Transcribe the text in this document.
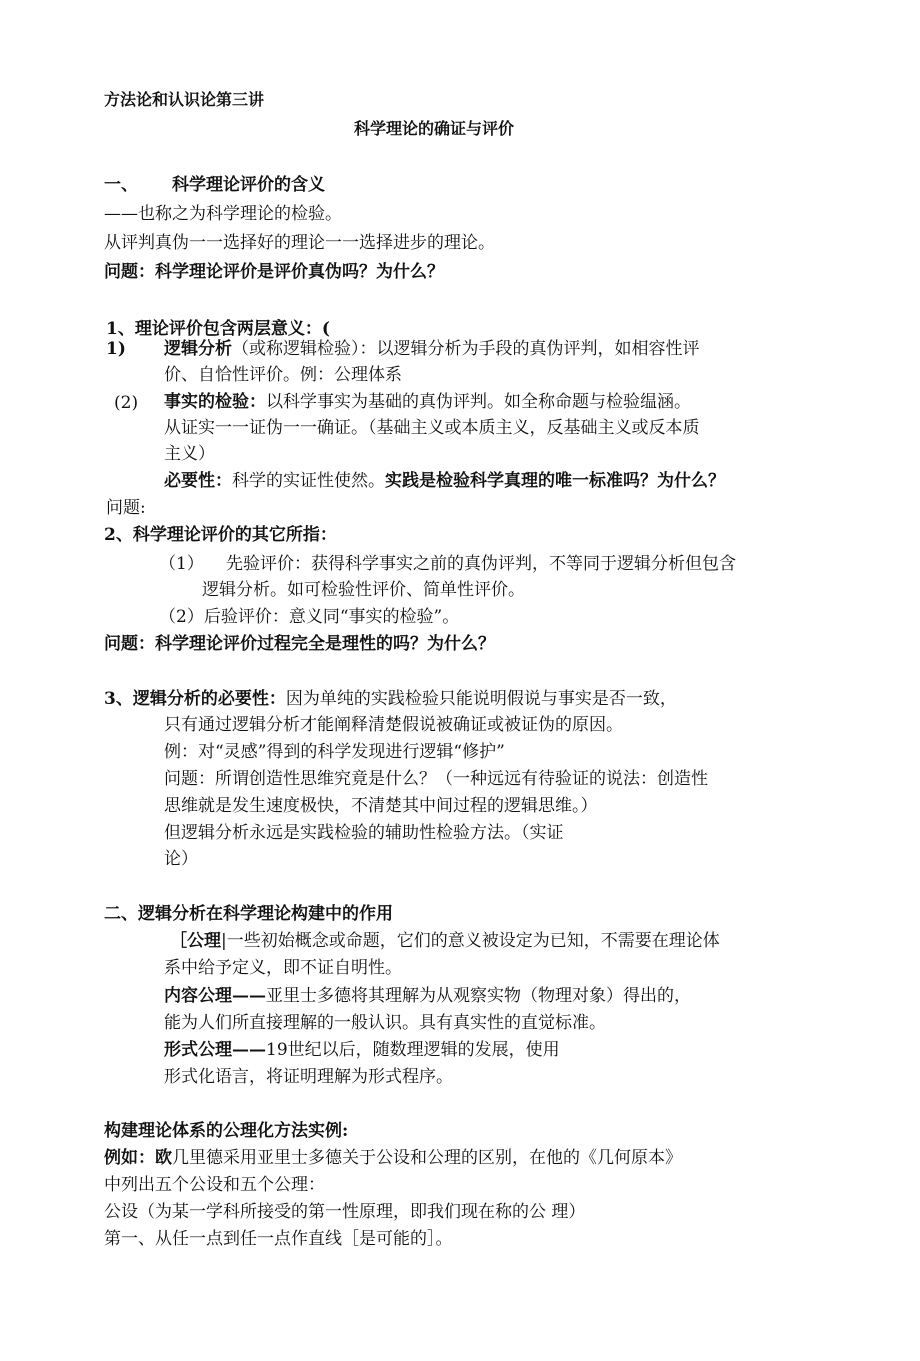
方法论和认识论第三讲
科学理论的确证与评价
一、 科学理论评价的含义
——也称之为科学理论的检验。
从评判真伪一一选择好的理论一一选择进步的理论。
问题：科学理论评价是评价真伪吗？为什么？
1、理论评价包含两层意义：(
1) 逻辑分析（或称逻辑检验）：以逻辑分析为手段的真伪评判，如相容性评
价、自恰性评价。例：公理体系
(2) 事实的检验：以科学事实为基础的真伪评判。如全称命题与检验缊涵。
从证实一一证伪一一确证。（基础主义或本质主义，反基础主义或反本质
主义）
必要性：科学的实证性使然。实践是检验科学真理的唯一标准吗？为什么？
问题:
2、科学理论评价的其它所指：
（1） 先验评价：获得科学事实之前的真伪评判，不等同于逻辑分析但包含
逻辑分析。如可检验性评价、简单性评价。
（2）后验评价：意义同“事实的检验”。
问题：科学理论评价过程完全是理性的吗？为什么？
3、逻辑分析的必要性：因为单纯的实践检验只能说明假说与事实是否一致，
只有通过逻辑分析才能阐释清楚假说被确证或被证伪的原因。
例：对“灵感”得到的科学发现进行逻辑“修护”
问题：所谓创造性思维究竟是什么？（一种远远有待验证的说法：创造性
思维就是发生速度极快，不清楚其中间过程的逻辑思维。）
但逻辑分析永远是实践检验的辅助性检验方法。（实证
论）
二、逻辑分析在科学理论构建中的作用
［公理|一些初始概念或命题，它们的意义被设定为已知，不需要在理论体
系中给予定义，即不证自明性。
内容公理——亚里士多德将其理解为从观察实物（物理对象）得出的，
能为人们所直接理解的一般认识。具有真实性的直觉标准。
形式公理——19世纪以后，随数理逻辑的发展，使用
形式化语言，将证明理解为形式程序。
构建理论体系的公理化方法实例:
例如：欧几里德采用亚里士多德关于公设和公理的区别，在他的《几何原本》
中列出五个公设和五个公理：
公设（为某一学科所接受的第一性原理，即我们现在称的公 理）
第一、从任一点到任一点作直线［是可能的］。
